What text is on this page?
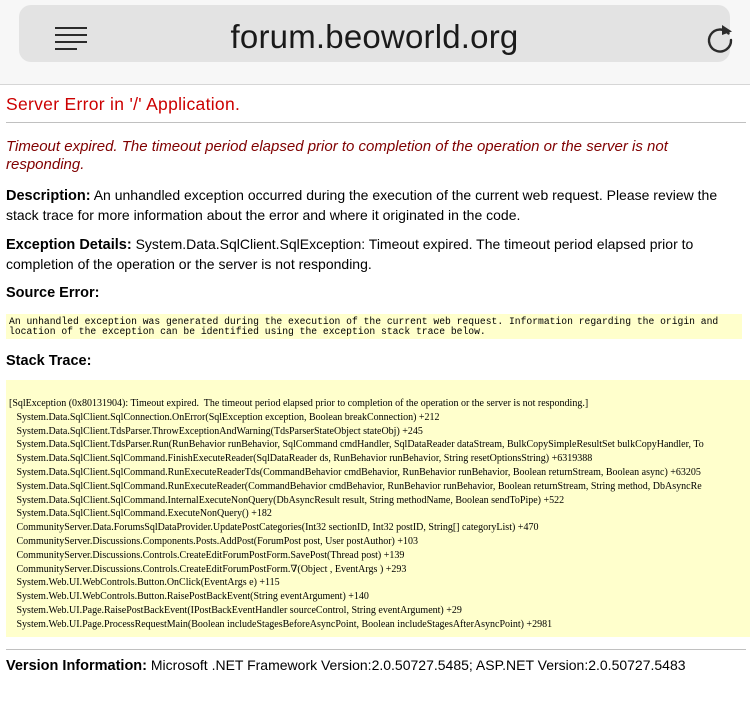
forum.beoworld.org
Server Error in '/' Application.
Timeout expired. The timeout period elapsed prior to completion of the operation or the server is not responding.
Description: An unhandled exception occurred during the execution of the current web request. Please review the stack trace for more information about the error and where it originated in the code.
Exception Details: System.Data.SqlClient.SqlException: Timeout expired. The timeout period elapsed prior to completion of the operation or the server is not responding.
Source Error:
An unhandled exception was generated during the execution of the current web request. Information regarding the origin and
location of the exception can be identified using the exception stack trace below.
Stack Trace:
[SqlException (0x80131904): Timeout expired.  The timeout period elapsed prior to completion of the operation or the server is not responding.]
System.Data.SqlClient.SqlConnection.OnError(SqlException exception, Boolean breakConnection) +212
System.Data.SqlClient.TdsParser.ThrowExceptionAndWarning(TdsParserStateObject stateObj) +245
System.Data.SqlClient.TdsParser.Run(RunBehavior runBehavior, SqlCommand cmdHandler, SqlDataReader dataStream, BulkCopySimpleResultSet bulkCopyHandler, To
System.Data.SqlClient.SqlCommand.FinishExecuteReader(SqlDataReader ds, RunBehavior runBehavior, String resetOptionsString) +6319388
System.Data.SqlClient.SqlCommand.RunExecuteReaderTds(CommandBehavior cmdBehavior, RunBehavior runBehavior, Boolean returnStream, Boolean async) +63205
System.Data.SqlClient.SqlCommand.RunExecuteReader(CommandBehavior cmdBehavior, RunBehavior runBehavior, Boolean returnStream, String method, DbAsyncRe
System.Data.SqlClient.SqlCommand.InternalExecuteNonQuery(DbAsyncResult result, String methodName, Boolean sendToPipe) +522
System.Data.SqlClient.SqlCommand.ExecuteNonQuery() +182
CommunityServer.Data.ForumsSqlDataProvider.UpdatePostCategories(Int32 sectionID, Int32 postID, String[] categoryList) +470
CommunityServer.Discussions.Components.Posts.AddPost(ForumPost post, User postAuthor) +103
CommunityServer.Discussions.Controls.CreateEditForumPostForm.SavePost(Thread post) +139
CommunityServer.Discussions.Controls.CreateEditForumPostForm.∇(Object , EventArgs ) +293
System.Web.UI.WebControls.Button.OnClick(EventArgs e) +115
System.Web.UI.WebControls.Button.RaisePostBackEvent(String eventArgument) +140
System.Web.UI.Page.RaisePostBackEvent(IPostBackEventHandler sourceControl, String eventArgument) +29
System.Web.UI.Page.ProcessRequestMain(Boolean includeStagesBeforeAsyncPoint, Boolean includeStagesAfterAsyncPoint) +2981
Version Information: Microsoft .NET Framework Version:2.0.50727.5485; ASP.NET Version:2.0.50727.5483
